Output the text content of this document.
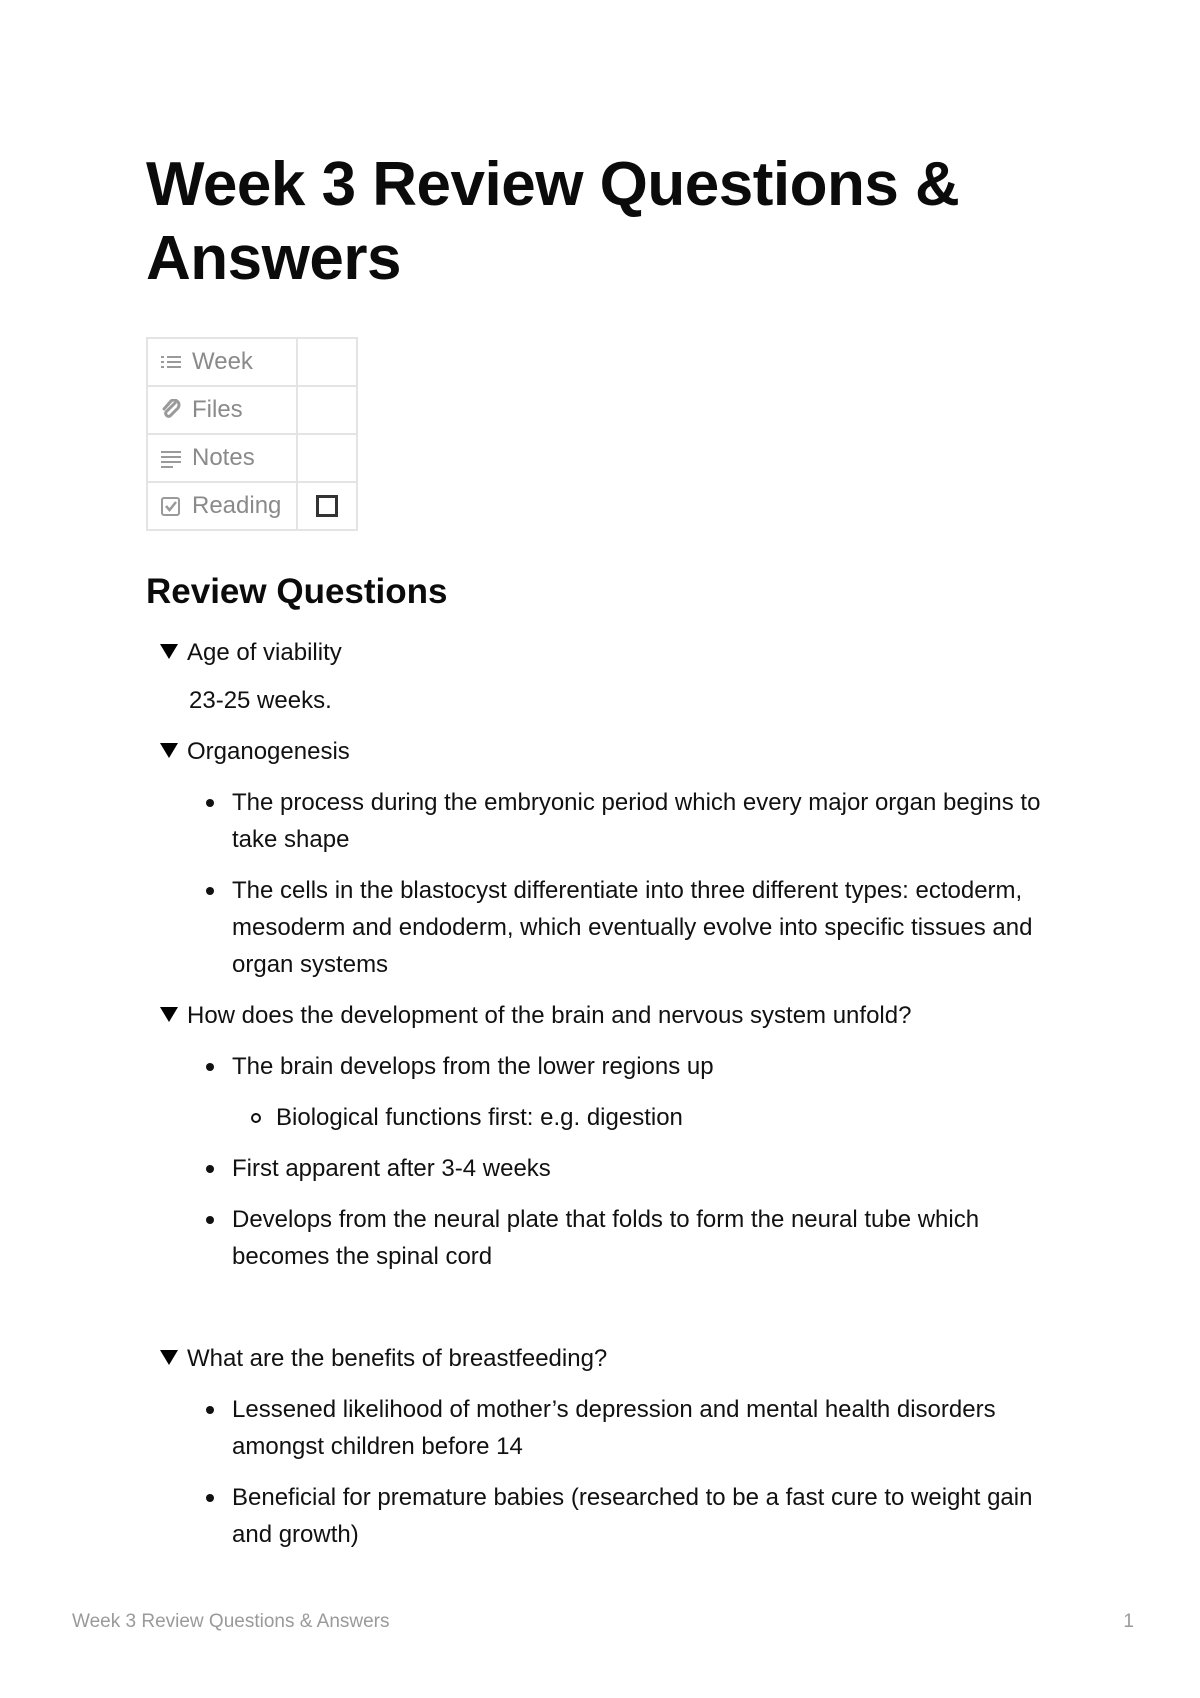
Week 3 Review Questions & Answers
Week	

Files	

Notes	

Reading	

Review Questions
Age of viability
23-25 weeks.
Organogenesis
The process during the embryonic period which every major organ begins to take shape
The cells in the blastocyst differentiate into three different types: ectoderm, mesoderm and endoderm, which eventually evolve into specific tissues and organ systems
How does the development of the brain and nervous system unfold?
The brain develops from the lower regions up
Biological functions first: e.g. digestion
First apparent after 3-4 weeks
Develops from the neural plate that folds to form the neural tube which becomes the spinal cord
What are the benefits of breastfeeding?
Lessened likelihood of mother’s depression and mental health disorders amongst children before 14
Beneficial for premature babies (researched to be a fast cure to weight gain and growth)
Week 3 Review Questions & Answers	1
